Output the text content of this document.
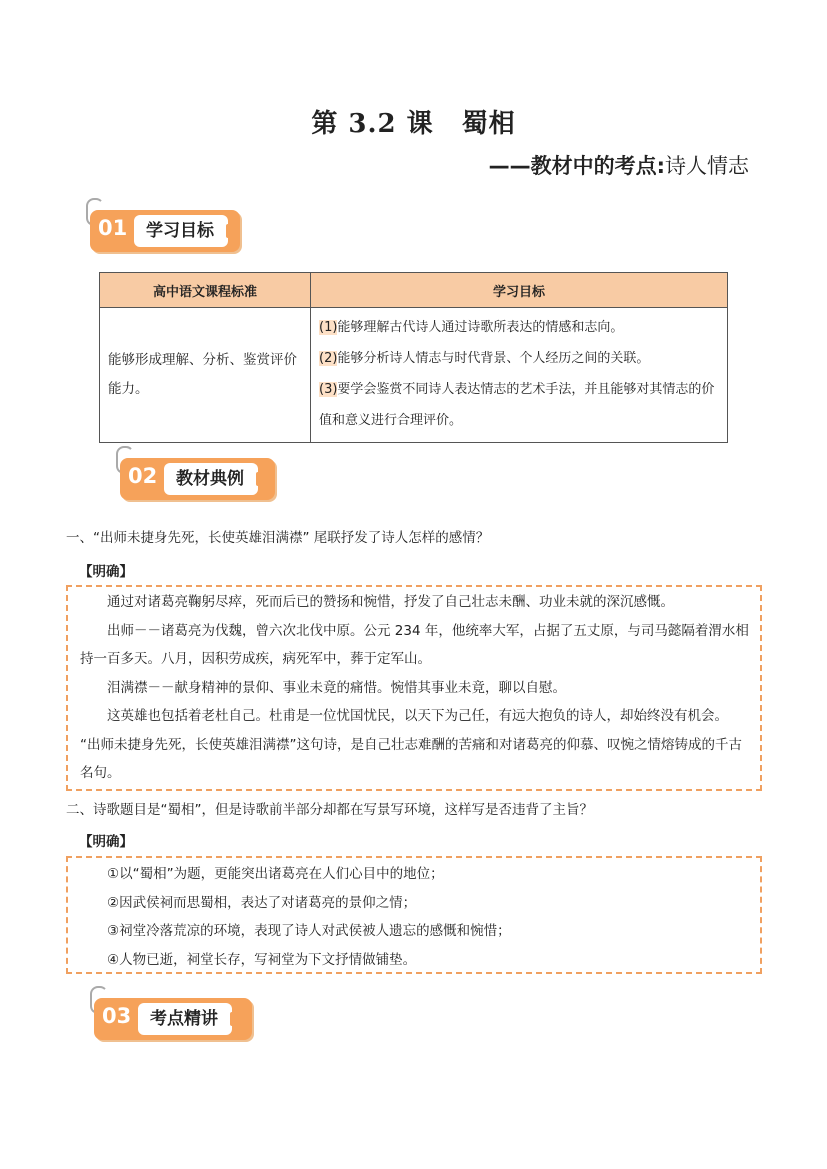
第 3.2 课 蜀相
——教材中的考点:诗人情志
01	学习目标
高中语文课程标准	学习目标
能够形成理解、分析、鉴赏评价能力。	(1)能够理解古代诗人通过诗歌所表达的情感和志向。
(2)能够分析诗人情志与时代背景、个人经历之间的关联。
(3)要学会鉴赏不同诗人表达情志的艺术手法，并且能够对其情志的价值和意义进行合理评价。
02	教材典例
一、“出师未捷身先死，长使英雄泪满襟” 尾联抒发了诗人怎样的感情？
【明确】

通过对诸葛亮鞠躬尽瘁，死而后已的赞扬和惋惜，抒发了自己壮志未酬、功业未就的深沉感慨。

出师－－诸葛亮为伐魏，曾六次北伐中原。公元 234 年，他统率大军，占据了五丈原，与司马懿隔着渭水相持一百多天。八月，因积劳成疾，病死军中，葬于定军山。

泪满襟－－献身精神的景仰、事业未竟的痛惜。惋惜其事业未竟，聊以自慰。

这英雄也包括着老杜自己。杜甫是一位忧国忧民，以天下为己任，有远大抱负的诗人，却始终没有机会。 “出师未捷身先死，长使英雄泪满襟”这句诗，是自己壮志难酬的苦痛和对诸葛亮的仰慕、叹惋之情熔铸成的千古名句。

二、诗歌题目是“蜀相”，但是诗歌前半部分却都在写景写环境，这样写是否违背了主旨？
【明确】

①以“蜀相”为题，更能突出诸葛亮在人们心目中的地位；

②因武侯祠而思蜀相，表达了对诸葛亮的景仰之情；

③祠堂冷落荒凉的环境，表现了诗人对武侯被人遗忘的感慨和惋惜；

④人物已逝，祠堂长存，写祠堂为下文抒情做铺垫。

03	考点精讲
